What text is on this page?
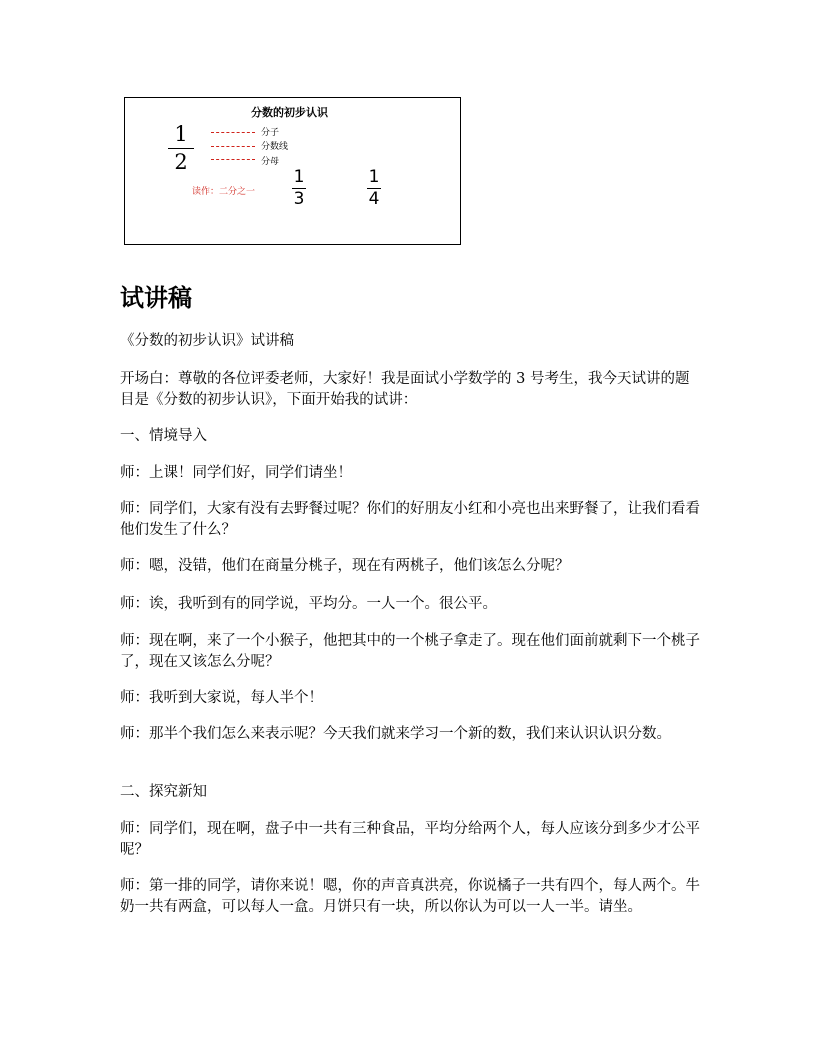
分数的初步认识
1
2
分子
分数线
分母
读作：二分之一
1
3
1
4
试讲稿

《分数的初步认识》试讲稿

开场白：尊敬的各位评委老师，大家好！我是面试小学数学的 3 号考生，我今天试讲的题目是《分数的初步认识》，下面开始我的试讲：

一、情境导入

师：上课！同学们好，同学们请坐！

师：同学们，大家有没有去野餐过呢？你们的好朋友小红和小亮也出来野餐了，让我们看看他们发生了什么？

师：嗯，没错，他们在商量分桃子，现在有两桃子，他们该怎么分呢？

师：诶，我听到有的同学说，平均分。一人一个。很公平。

师：现在啊，来了一个小猴子，他把其中的一个桃子拿走了。现在他们面前就剩下一个桃子了，现在又该怎么分呢？

师：我听到大家说，每人半个！

师：那半个我们怎么来表示呢？今天我们就来学习一个新的数，我们来认识认识分数。

二、探究新知

师：同学们，现在啊，盘子中一共有三种食品，平均分给两个人，每人应该分到多少才公平呢？

师：第一排的同学，请你来说！嗯，你的声音真洪亮，你说橘子一共有四个，每人两个。牛奶一共有两盒，可以每人一盒。月饼只有一块，所以你认为可以一人一半。请坐。
